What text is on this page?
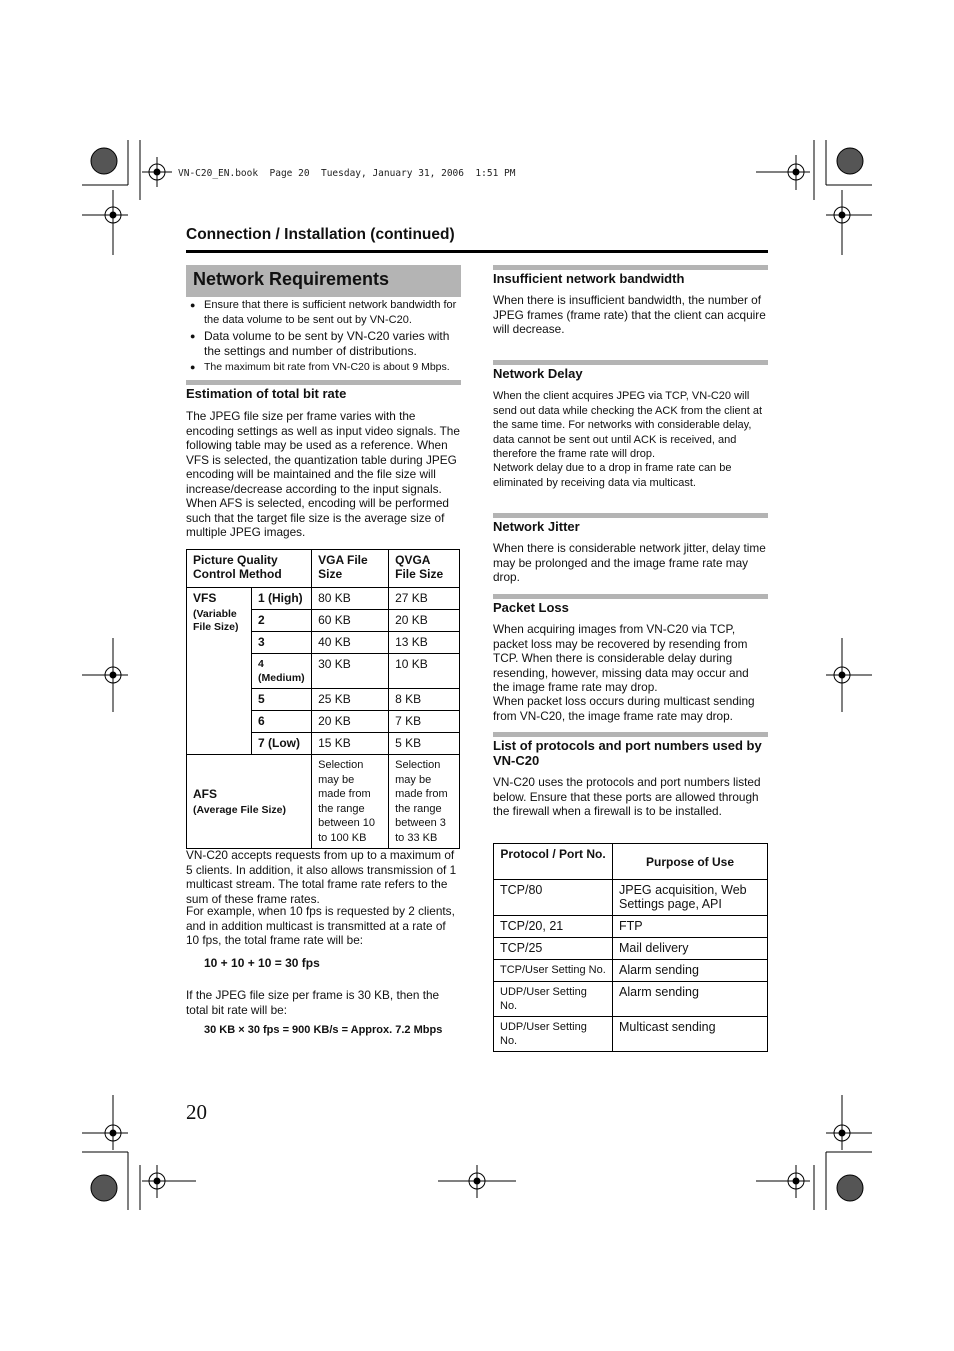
VN-C20_EN.book  Page 20  Tuesday, January 31, 2006  1:51 PM
Connection / Installation (continued)
Network Requirements
● Ensure that there is sufficient network bandwidth for the data volume to be sent out by VN-C20.
● Data volume to be sent by VN-C20 varies with the settings and number of distributions.
● The maximum bit rate from VN-C20 is about 9 Mbps.
Estimation of total bit rate

The JPEG file size per frame varies with the encoding settings as well as input video signals. The following table may be used as a reference. When VFS is selected, the quantization table during JPEG encoding will be maintained and the file size will increase/decrease according to the input signals. When AFS is selected, encoding will be performed such that the target file size is the average size of multiple JPEG images.

Picture Quality Control Method		VGA File Size	QVGA File Size

VFS
(Variable File Size)	1 (High)	80 KB	27 KB
	2	60 KB	20 KB
	3	40 KB	13 KB
	4 (Medium)	30 KB	10 KB
	5	25 KB	8 KB
	6	20 KB	7 KB
	7 (Low)	15 KB	5 KB

AFS
(Average File Size)		Selection may be made from the range between 10 to 100 KB	Selection may be made from the range between 3 to 33 KB

VN-C20 accepts requests from up to a maximum of 5 clients. In addition, it also allows transmission of 1 multicast stream. The total frame rate refers to the sum of these frame rates.

For example, when 10 fps is requested by 2 clients, and in addition multicast is transmitted at a rate of 10 fps, the total frame rate will be:

10 + 10 + 10 = 30 fps

If the JPEG file size per frame is 30 KB, then the total bit rate will be:

30 KB × 30 fps = 900 KB/s = Approx. 7.2 Mbps
Insufficient network bandwidth

When there is insufficient bandwidth, the number of JPEG frames (frame rate) that the client can acquire will decrease.

Network Delay

When the client acquires JPEG via TCP, VN-C20 will send out data while checking the ACK from the client at the same time. For networks with considerable delay, data cannot be sent out until ACK is received, and therefore the frame rate will drop.

Network delay due to a drop in frame rate can be eliminated by receiving data via multicast.

Network Jitter

When there is considerable network jitter, delay time may be prolonged and the image frame rate may drop.

Packet Loss

When acquiring images from VN-C20 via TCP, packet loss may be recovered by resending from TCP. When there is considerable delay during resending, however, missing data may occur and the image frame rate may drop.

When packet loss occurs during multicast sending from VN-C20, the image frame rate may drop.

List of protocols and port numbers used by VN-C20

VN-C20 uses the protocols and port numbers listed below. Ensure that these ports are allowed through the firewall when a firewall is to be installed.

Protocol / Port No.	Purpose of Use
TCP/80	JPEG acquisition, Web Settings page, API
TCP/20, 21	FTP
TCP/25	Mail delivery
TCP/User Setting No.	Alarm sending
UDP/User Setting No.	Alarm sending
UDP/User Setting No.	Multicast sending
20
